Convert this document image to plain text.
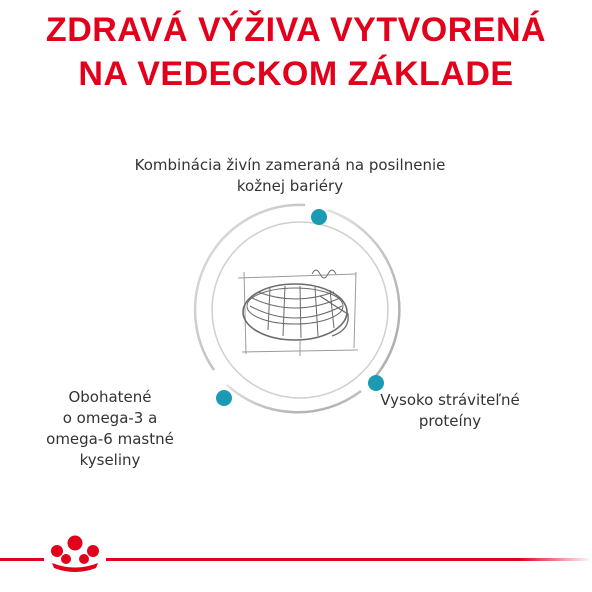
ZDRAVÁ VÝŽIVA VYTVORENÁ
NA VEDECKOM ZÁKLADE
Kombinácia živín zameraná na posilnenie
kožnej bariéry
Obohatené
o omega-3 a
omega-6 mastné
kyseliny
Vysoko stráviteľné
proteíny
